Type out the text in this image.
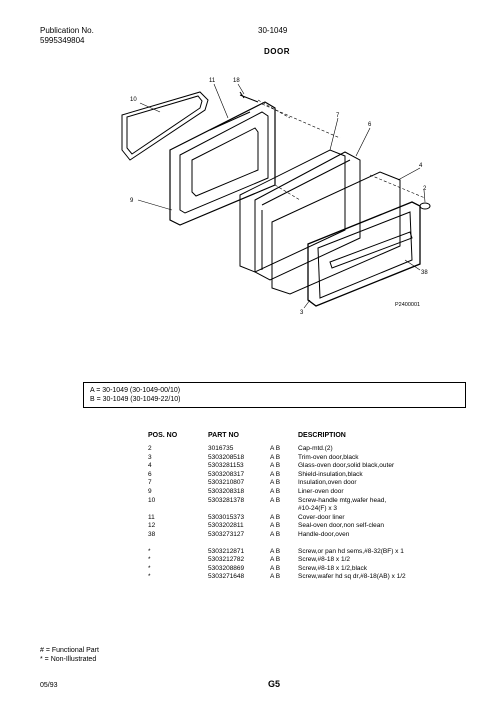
Publication No.
5995349804
30-1049
DOOR
10
11	18
7
6
4
2
9
38
3
P2400001
A = 30-1049 (30-1049-00/10)
B = 30-1049 (30-1049-22/10)
POS. NO	PART NO		DESCRIPTION
2	3016735	A B	Cap-mtd.(2)
3	5303208518	A B	Trim-oven door,black
4	5303281153	A B	Glass-oven door,solid black,outer
6	5303208317	A B	Shield-insulation,black
7	5303210807	A B	Insulation,oven door
9	5303208318	A B	Liner-oven door
10	5303281378	A B	Screw-handle mtg,wafer head,
#10-24(F) x 3
11	5303015373	A B	Cover-door liner
12	5303202811	A B	Seal-oven door,non self-clean
38	5303273127	A B	Handle-door,oven

*	5303212871	A B	Screw,or pan hd sems,#8-32(BF) x 1
*	5303212782	A B	Screw,#8-18 x 1/2
*	5303208869	A B	Screw,#8-18 x 1/2,black
*	5303271648	A B	Screw,wafer hd sq dr,#8-18(AB) x 1/2
# = Functional Part
* = Non-Illustrated
05/93	G5
